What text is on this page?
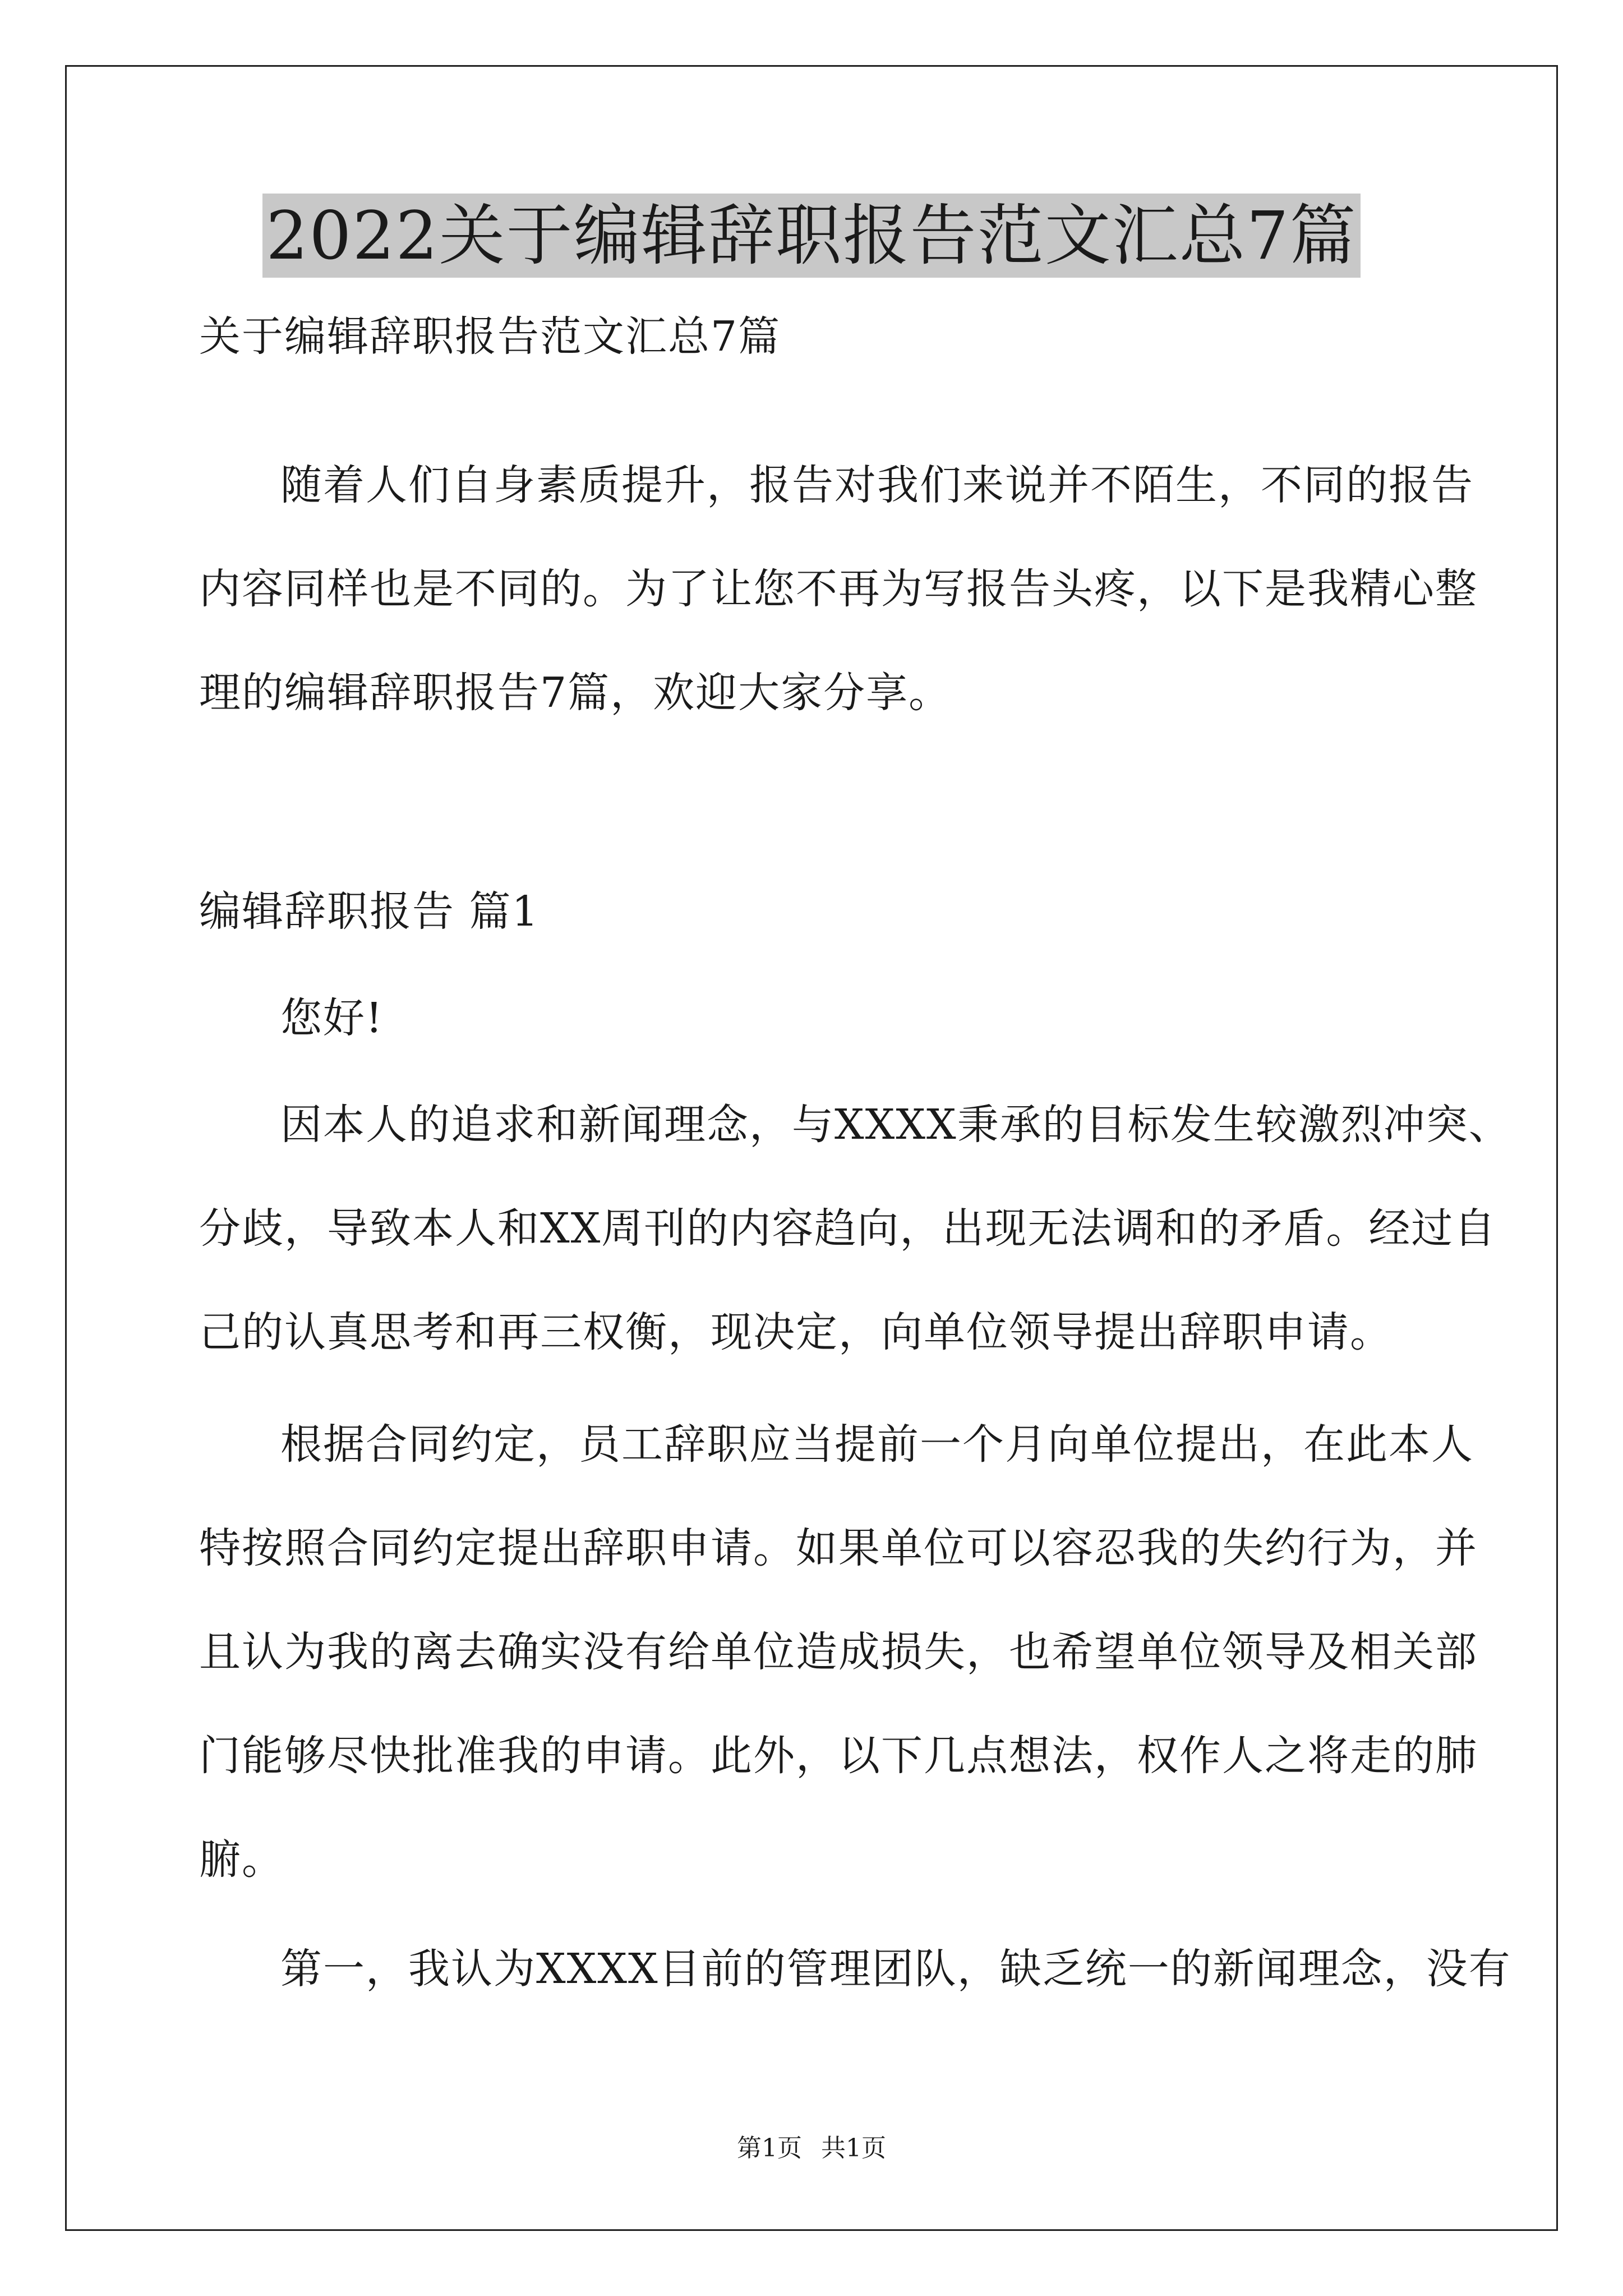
2022关于编辑辞职报告范文汇总7篇
关于编辑辞职报告范文汇总7篇
随着人们自身素质提升，报告对我们来说并不陌生，不同的报告
内容同样也是不同的。为了让您不再为写报告头疼，以下是我精心整
理的编辑辞职报告7篇，欢迎大家分享。
编辑辞职报告 篇1
您好!
因本人的追求和新闻理念，与XXXX秉承的目标发生较激烈冲突、
分歧，导致本人和XX周刊的内容趋向，出现无法调和的矛盾。经过自
己的认真思考和再三权衡，现决定，向单位领导提出辞职申请。
根据合同约定，员工辞职应当提前一个月向单位提出，在此本人
特按照合同约定提出辞职申请。如果单位可以容忍我的失约行为，并
且认为我的离去确实没有给单位造成损失，也希望单位领导及相关部
门能够尽快批准我的申请。此外，以下几点想法，权作人之将走的肺
腑。
第一，我认为XXXX目前的管理团队，缺乏统一的新闻理念，没有
第1页 共1页
